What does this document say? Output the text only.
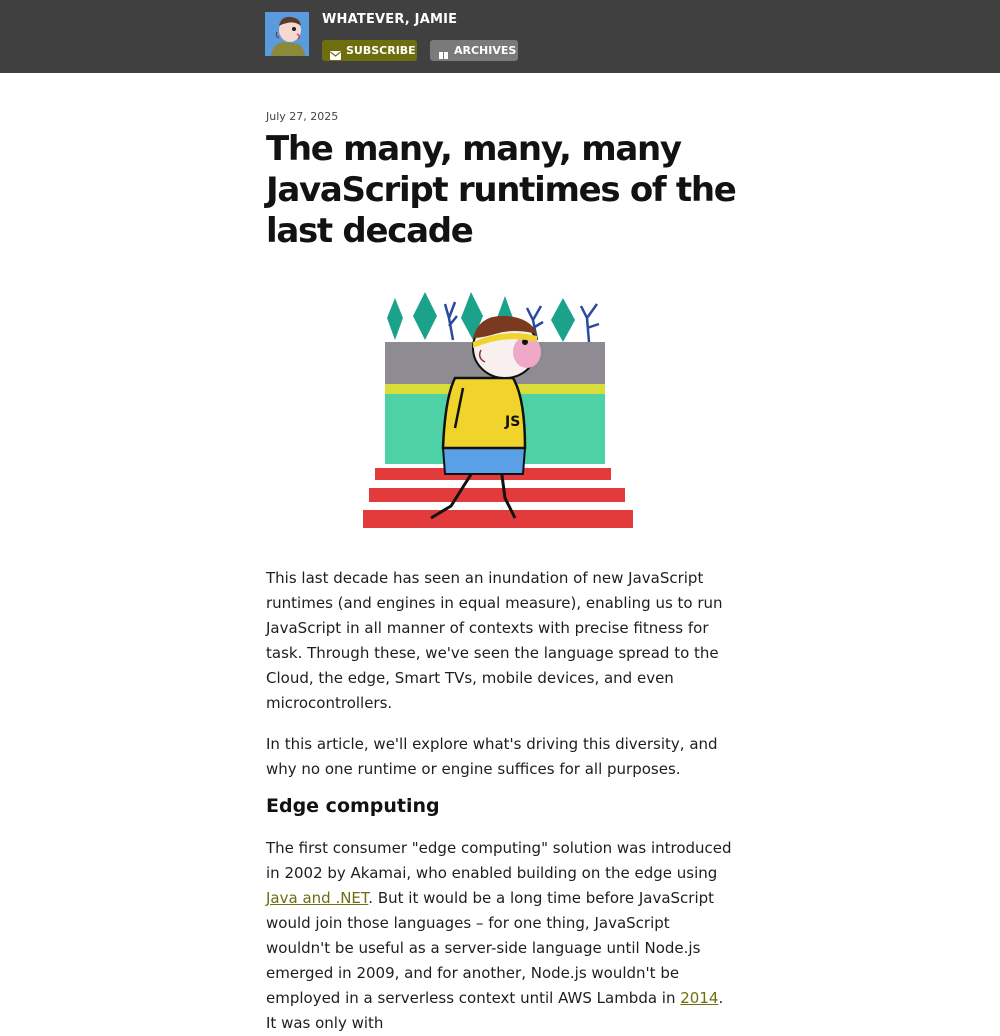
WHATEVER, JAMIE
SUBSCRIBE	ARCHIVES

July 27, 2025

The many, many, many JavaScript runtimes of the last decade
JS

This last decade has seen an inundation of new JavaScript runtimes (and engines in equal measure), enabling us to run JavaScript in all manner of contexts with precise fitness for task. Through these, we've seen the language spread to the Cloud, the edge, Smart TVs, mobile devices, and even microcontrollers.

In this article, we'll explore what's driving this diversity, and why no one runtime or engine suffices for all purposes.

Edge computing

The first consumer "edge computing" solution was introduced in 2002 by Akamai, who enabled building on the edge using Java and .NET. But it would be a long time before JavaScript would join those languages – for one thing, JavaScript wouldn't be useful as a server-side language until Node.js emerged in 2009, and for another, Node.js wouldn't be employed in a serverless context until AWS Lambda in 2014. It was only with
